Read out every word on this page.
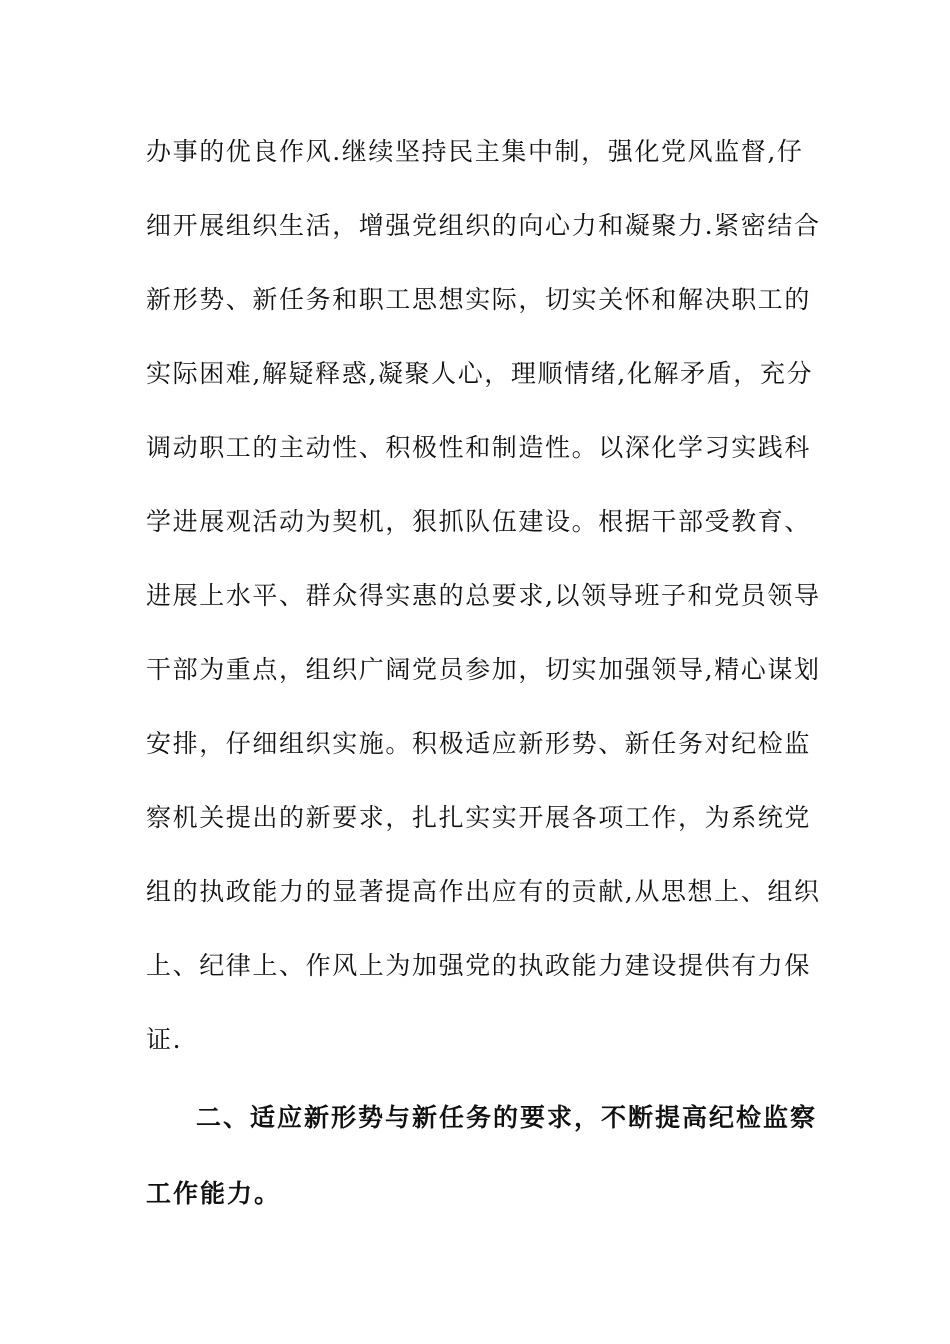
办事的优良作风.继续坚持民主集中制，强化党风监督,仔
细开展组织生活，增强党组织的向心力和凝聚力.紧密结合
新形势、新任务和职工思想实际，切实关怀和解决职工的
实际困难,解疑释惑,凝聚人心，理顺情绪,化解矛盾，充分
调动职工的主动性、积极性和制造性。以深化学习实践科
学进展观活动为契机，狠抓队伍建设。根据干部受教育、
进展上水平、群众得实惠的总要求,以领导班子和党员领导
干部为重点，组织广阔党员参加，切实加强领导,精心谋划
安排，仔细组织实施。积极适应新形势、新任务对纪检监
察机关提出的新要求，扎扎实实开展各项工作，为系统党
组的执政能力的显著提高作出应有的贡献,从思想上、组织
上、纪律上、作风上为加强党的执政能力建设提供有力保
证.
二、适应新形势与新任务的要求，不断提高纪检监察
工作能力。
